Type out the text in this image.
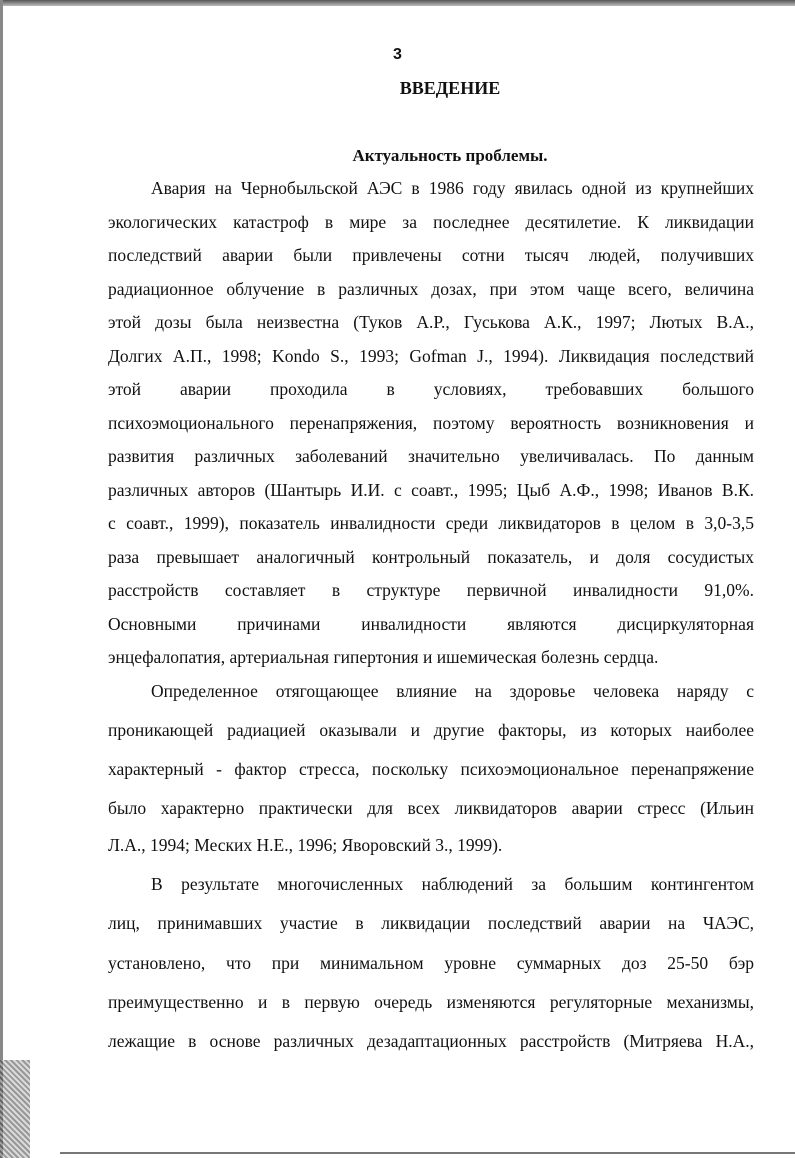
3
ВВЕДЕНИЕ
Актуальность проблемы.
Авария на Чернобыльской АЭС в 1986 году явилась одной из крупнейших
экологических катастроф в мире за последнее десятилетие. К ликвидации
последствий аварии были привлечены сотни тысяч людей, получивших
радиационное облучение в различных дозах, при этом чаще всего, величина
этой дозы была неизвестна (Туков А.Р., Гуськова А.К., 1997; Лютых В.А.,
Долгих А.П., 1998; Kondo S., 1993; Gofman J., 1994). Ликвидация последствий
этой аварии проходила в условиях, требовавших большого
психоэмоционального перенапряжения, поэтому вероятность возникновения и
развития различных заболеваний значительно увеличивалась. По данным
различных авторов (Шантырь И.И. с соавт., 1995; Цыб А.Ф., 1998; Иванов В.К.
с соавт., 1999), показатель инвалидности среди ликвидаторов в целом в 3,0-3,5
раза превышает аналогичный контрольный показатель, и доля сосудистых
расстройств составляет в структуре первичной инвалидности 91,0%.
Основными причинами инвалидности являются дисциркуляторная
энцефалопатия, артериальная гипертония и ишемическая болезнь сердца.
Определенное отягощающее влияние на здоровье человека наряду с
проникающей радиацией оказывали и другие факторы, из которых наиболее
характерный - фактор стресса, поскольку психоэмоциональное перенапряжение
было характерно практически для всех ликвидаторов аварии стресс (Ильин
Л.А., 1994; Меских Н.Е., 1996; Яворовский 3., 1999).
В результате многочисленных наблюдений за большим контингентом
лиц, принимавших участие в ликвидации последствий аварии на ЧАЭС,
установлено, что при минимальном уровне суммарных доз 25-50 бэр
преимущественно и в первую очередь изменяются регуляторные механизмы,
лежащие в основе различных дезадаптационных расстройств (Митряева Н.А.,
